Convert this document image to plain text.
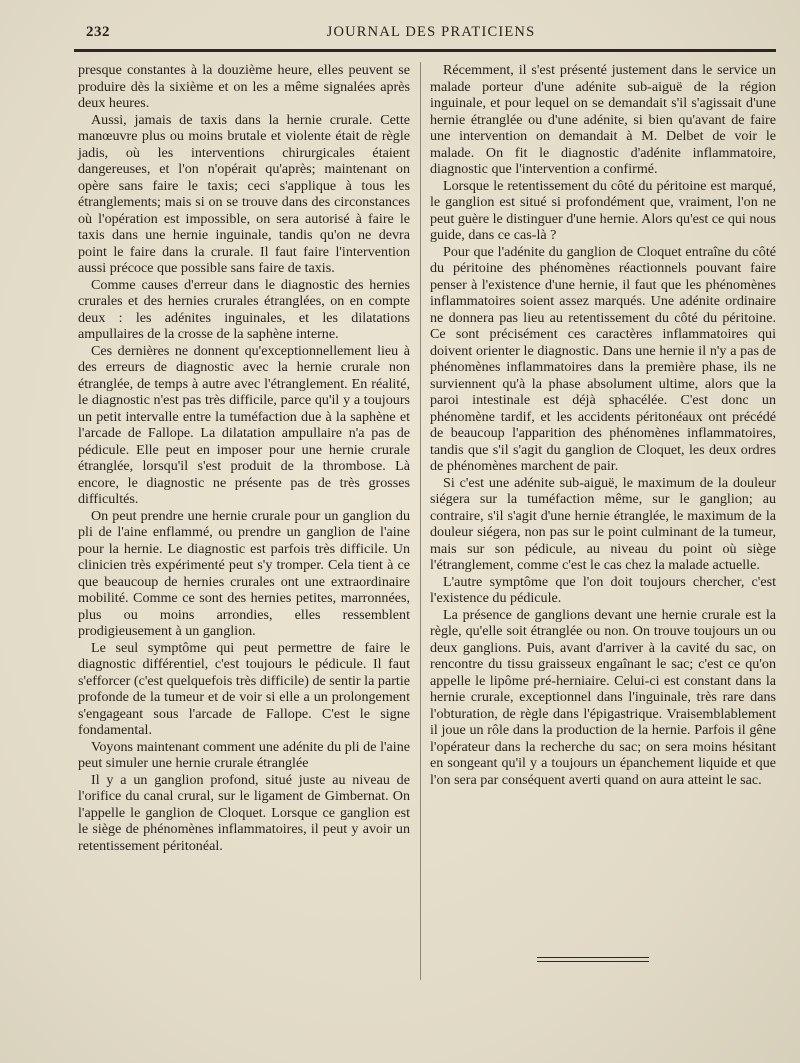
232	JOURNAL DES PRATICIENS

presque constantes à la douzième heure, elles peuvent se produire dès la sixième et on les a même signalées après deux heures.

Aussi, jamais de taxis dans la hernie crurale. Cette manœuvre plus ou moins brutale et violente était de règle jadis, où les interventions chirurgicales étaient dangereuses, et l'on n'opérait qu'après; maintenant on opère sans faire le taxis; ceci s'applique à tous les étranglements; mais si on se trouve dans des circonstances où l'opération est impossible, on sera autorisé à faire le taxis dans une hernie inguinale, tandis qu'on ne devra point le faire dans la crurale. Il faut faire l'intervention aussi précoce que possible sans faire de taxis.

Comme causes d'erreur dans le diagnostic des hernies crurales et des hernies crurales étranglées, on en compte deux : les adénites inguinales, et les dilatations ampullaires de la crosse de la saphène interne.

Ces dernières ne donnent qu'exceptionnellement lieu à des erreurs de diagnostic avec la hernie crurale non étranglée, de temps à autre avec l'étranglement. En réalité, le diagnostic n'est pas très difficile, parce qu'il y a toujours un petit intervalle entre la tuméfaction due à la saphène et l'arcade de Fallope. La dilatation ampullaire n'a pas de pédicule. Elle peut en imposer pour une hernie crurale étranglée, lorsqu'il s'est produit de la thrombose. Là encore, le diagnostic ne présente pas de très grosses difficultés.

On peut prendre une hernie crurale pour un ganglion du pli de l'aine enflammé, ou prendre un ganglion de l'aine pour la hernie. Le diagnostic est parfois très difficile. Un clinicien très expérimenté peut s'y tromper. Cela tient à ce que beaucoup de hernies crurales ont une extraordinaire mobilité. Comme ce sont des hernies petites, marronnées, plus ou moins arrondies, elles ressemblent prodigieusement à un ganglion.

Le seul symptôme qui peut permettre de faire le diagnostic différentiel, c'est toujours le pédicule. Il faut s'efforcer (c'est quelquefois très difficile) de sentir la partie profonde de la tumeur et de voir si elle a un prolongement s'engageant sous l'arcade de Fallope. C'est le signe fondamental.

Voyons maintenant comment une adénite du pli de l'aine peut simuler une hernie crurale étranglée

Il y a un ganglion profond, situé juste au niveau de l'orifice du canal crural, sur le ligament de Gimbernat. On l'appelle le ganglion de Cloquet. Lorsque ce ganglion est le siège de phénomènes inflammatoires, il peut y avoir un retentissement péritonéal.

Récemment, il s'est présenté justement dans le service un malade porteur d'une adénite sub-aiguë de la région inguinale, et pour lequel on se demandait s'il s'agissait d'une hernie étranglée ou d'une adénite, si bien qu'avant de faire une intervention on demandait à M. Delbet de voir le malade. On fit le diagnostic d'adénite inflammatoire, diagnostic que l'intervention a confirmé.

Lorsque le retentissement du côté du péritoine est marqué, le ganglion est situé si profondément que, vraiment, l'on ne peut guère le distinguer d'une hernie. Alors qu'est ce qui nous guide, dans ce cas-là ?

Pour que l'adénite du ganglion de Cloquet entraîne du côté du péritoine des phénomènes réactionnels pouvant faire penser à l'existence d'une hernie, il faut que les phénomènes inflammatoires soient assez marqués. Une adénite ordinaire ne donnera pas lieu au retentissement du côté du péritoine. Ce sont précisément ces caractères inflammatoires qui doivent orienter le diagnostic. Dans une hernie il n'y a pas de phénomènes inflammatoires dans la première phase, ils ne surviennent qu'à la phase absolument ultime, alors que la paroi intestinale est déjà sphacélée. C'est donc un phénomène tardif, et les accidents péritonéaux ont précédé de beaucoup l'apparition des phénomènes inflammatoires, tandis que s'il s'agit du ganglion de Cloquet, les deux ordres de phénomènes marchent de pair.

Si c'est une adénite sub-aiguë, le maximum de la douleur siégera sur la tuméfaction même, sur le ganglion; au contraire, s'il s'agit d'une hernie étranglée, le maximum de la douleur siégera, non pas sur le point culminant de la tumeur, mais sur son pédicule, au niveau du point où siège l'étranglement, comme c'est le cas chez la malade actuelle.

L'autre symptôme que l'on doit toujours chercher, c'est l'existence du pédicule.

La présence de ganglions devant une hernie crurale est la règle, qu'elle soit étranglée ou non. On trouve toujours un ou deux ganglions. Puis, avant d'arriver à la cavité du sac, on rencontre du tissu graisseux engaînant le sac; c'est ce qu'on appelle le lipôme pré-herniaire. Celui-ci est constant dans la hernie crurale, exceptionnel dans l'inguinale, très rare dans l'obturation, de règle dans l'épigastrique. Vraisemblablement il joue un rôle dans la production de la hernie. Parfois il gêne l'opérateur dans la recherche du sac; on sera moins hésitant en songeant qu'il y a toujours un épanchement liquide et que l'on sera par conséquent averti quand on aura atteint le sac.
